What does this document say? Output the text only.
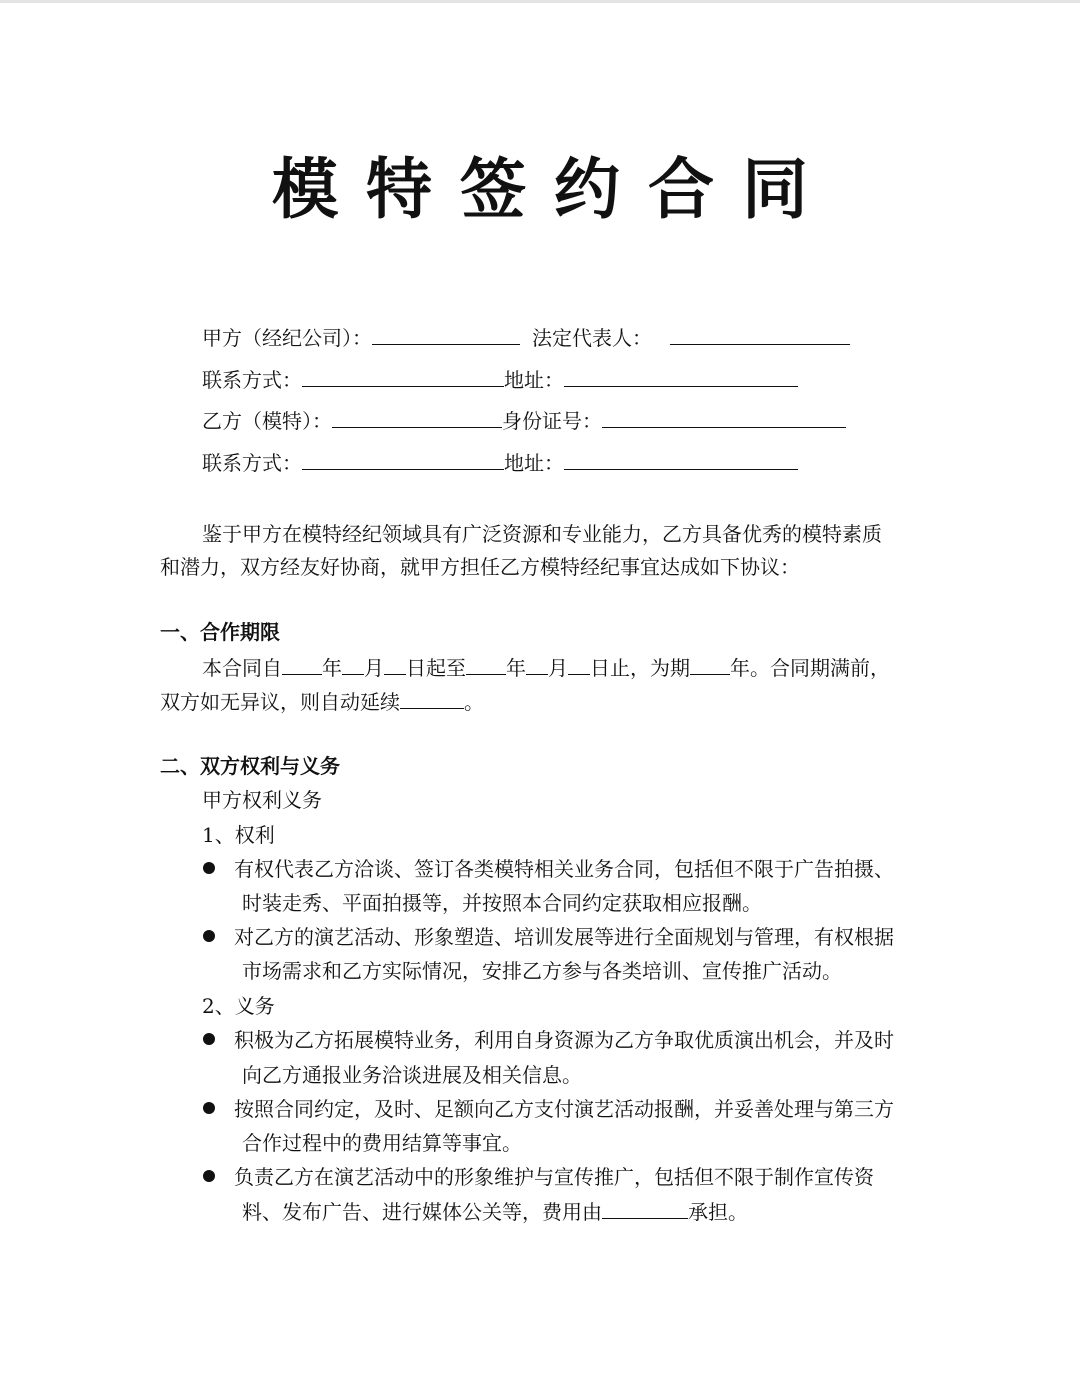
模特签约合同
甲方（经纪公司）：	法定代表人：
联系方式：	地址：
乙方（模特）：	身份证号：
联系方式：	地址：
鉴于甲方在模特经纪领域具有广泛资源和专业能力，乙方具备优秀的模特素质
和潜力，双方经友好协商，就甲方担任乙方模特经纪事宜达成如下协议：
一、合作期限
本合同自 年 月 日起至 年 月 日止，为期 年。合同期满前，
双方如无异议，则自动延续	。
二、双方权利与义务
甲方权利义务
1、权利
有权代表乙方洽谈、签订各类模特相关业务合同，包括但不限于广告拍摄、
时装走秀、平面拍摄等，并按照本合同约定获取相应报酬。
对乙方的演艺活动、形象塑造、培训发展等进行全面规划与管理，有权根据
市场需求和乙方实际情况，安排乙方参与各类培训、宣传推广活动。
2、义务
积极为乙方拓展模特业务，利用自身资源为乙方争取优质演出机会，并及时
向乙方通报业务洽谈进展及相关信息。
按照合同约定，及时、足额向乙方支付演艺活动报酬，并妥善处理与第三方
合作过程中的费用结算等事宜。
负责乙方在演艺活动中的形象维护与宣传推广，包括但不限于制作宣传资
料、发布广告、进行媒体公关等，费用由	承担。
